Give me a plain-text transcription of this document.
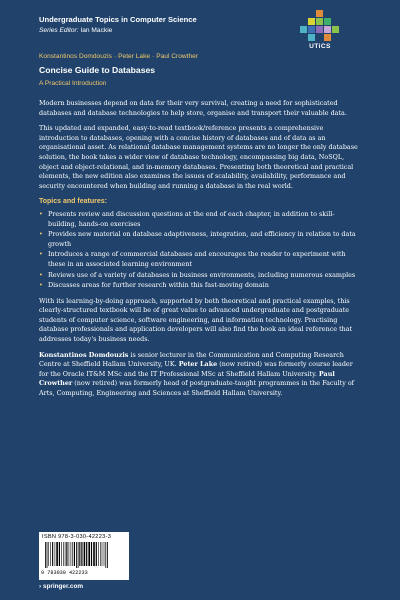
Undergraduate Topics in Computer Science
Series Editor: Ian Mackie
Konstantinos Domdouzis · Peter Lake · Paul Crowther
Concise Guide to Databases
A Practical Introduction
UTiCS

Modern businesses depend on data for their very survival, creating a need for sophisticated databases and database technologies to help store, organise and transport their valuable data.

This updated and expanded, easy-to-read textbook/reference presents a comprehensive introduction to databases, opening with a concise history of databases and of data as an organisational asset. As relational database management systems are no longer the only database solution, the book takes a wider view of database technology, encompassing big data, NoSQL, object and object-relational, and in-memory databases. Presenting both theoretical and practical elements, the new edition also examines the issues of scalability, availability, performance and security encountered when building and running a database in the real world.

Topics and features:
• Presents review and discussion questions at the end of each chapter, in addition to skill-building, hands-on exercises
• Provides new material on database adaptiveness, integration, and efficiency in relation to data growth
• Introduces a range of commercial databases and encourages the reader to experiment with these in an associated learning environment
• Reviews use of a variety of databases in business environments, including numerous examples
• Discusses areas for further research within this fast-moving domain

With its learning-by-doing approach, supported by both theoretical and practical examples, this clearly-structured textbook will be of great value to advanced undergraduate and postgraduate students of computer science, software engineering, and information technology. Practising database professionals and application developers will also find the book an ideal reference that addresses today's business needs.

Konstantinos Domdouzis is senior lecturer in the Communication and Computing Research Centre at Sheffield Hallam University, UK. Peter Lake (now retired) was formerly course leader for the Oracle IT&M MSc and the IT Professional MSc at Sheffield Hallam University. Paul Crowther (now retired) was formerly head of postgraduate-taught programmes in the Faculty of Arts, Computing, Engineering and Sciences at Sheffield Hallam University.

ISBN 978-3-030-42223-3
9 783030 422233
› springer.com
